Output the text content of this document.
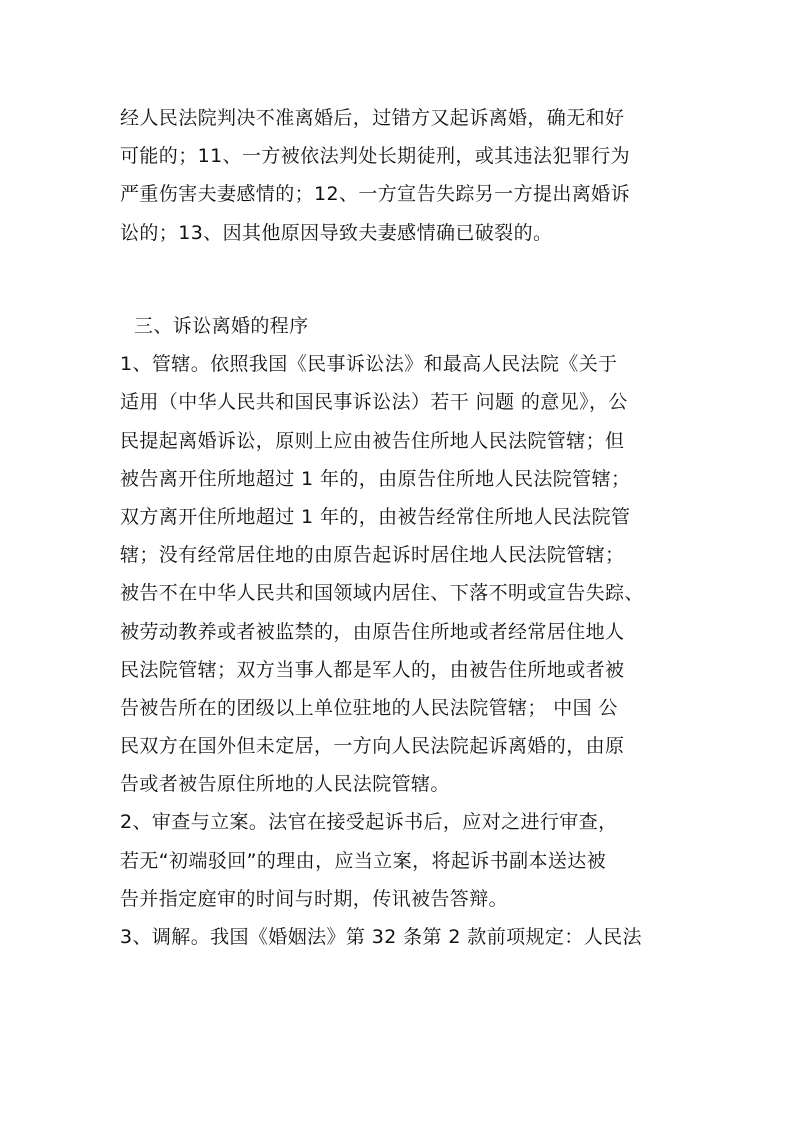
经人民法院判决不准离婚后，过错方又起诉离婚，确无和好
可能的；11、一方被依法判处长期徒刑，或其违法犯罪行为
严重伤害夫妻感情的；12、一方宣告失踪另一方提出离婚诉
讼的；13、因其他原因导致夫妻感情确已破裂的。
三、诉讼离婚的程序
1、管辖。依照我国《民事诉讼法》和最高人民法院《关于
适用（中华人民共和国民事诉讼法）若干 问题 的意见》，公
民提起离婚诉讼，原则上应由被告住所地人民法院管辖；但
被告离开住所地超过 1 年的，由原告住所地人民法院管辖；
双方离开住所地超过 1 年的，由被告经常住所地人民法院管
辖；没有经常居住地的由原告起诉时居住地人民法院管辖；
被告不在中华人民共和国领域内居住、下落不明或宣告失踪、
被劳动教养或者被监禁的，由原告住所地或者经常居住地人
民法院管辖；双方当事人都是军人的，由被告住所地或者被
告被告所在的团级以上单位驻地的人民法院管辖； 中国 公
民双方在国外但未定居，一方向人民法院起诉离婚的，由原
告或者被告原住所地的人民法院管辖。
2、审查与立案。法官在接受起诉书后，应对之进行审查，
若无“初端驳回”的理由，应当立案，将起诉书副本送达被
告并指定庭审的时间与时期，传讯被告答辩。
3、调解。我国《婚姻法》第 32 条第 2 款前项规定：人民法
